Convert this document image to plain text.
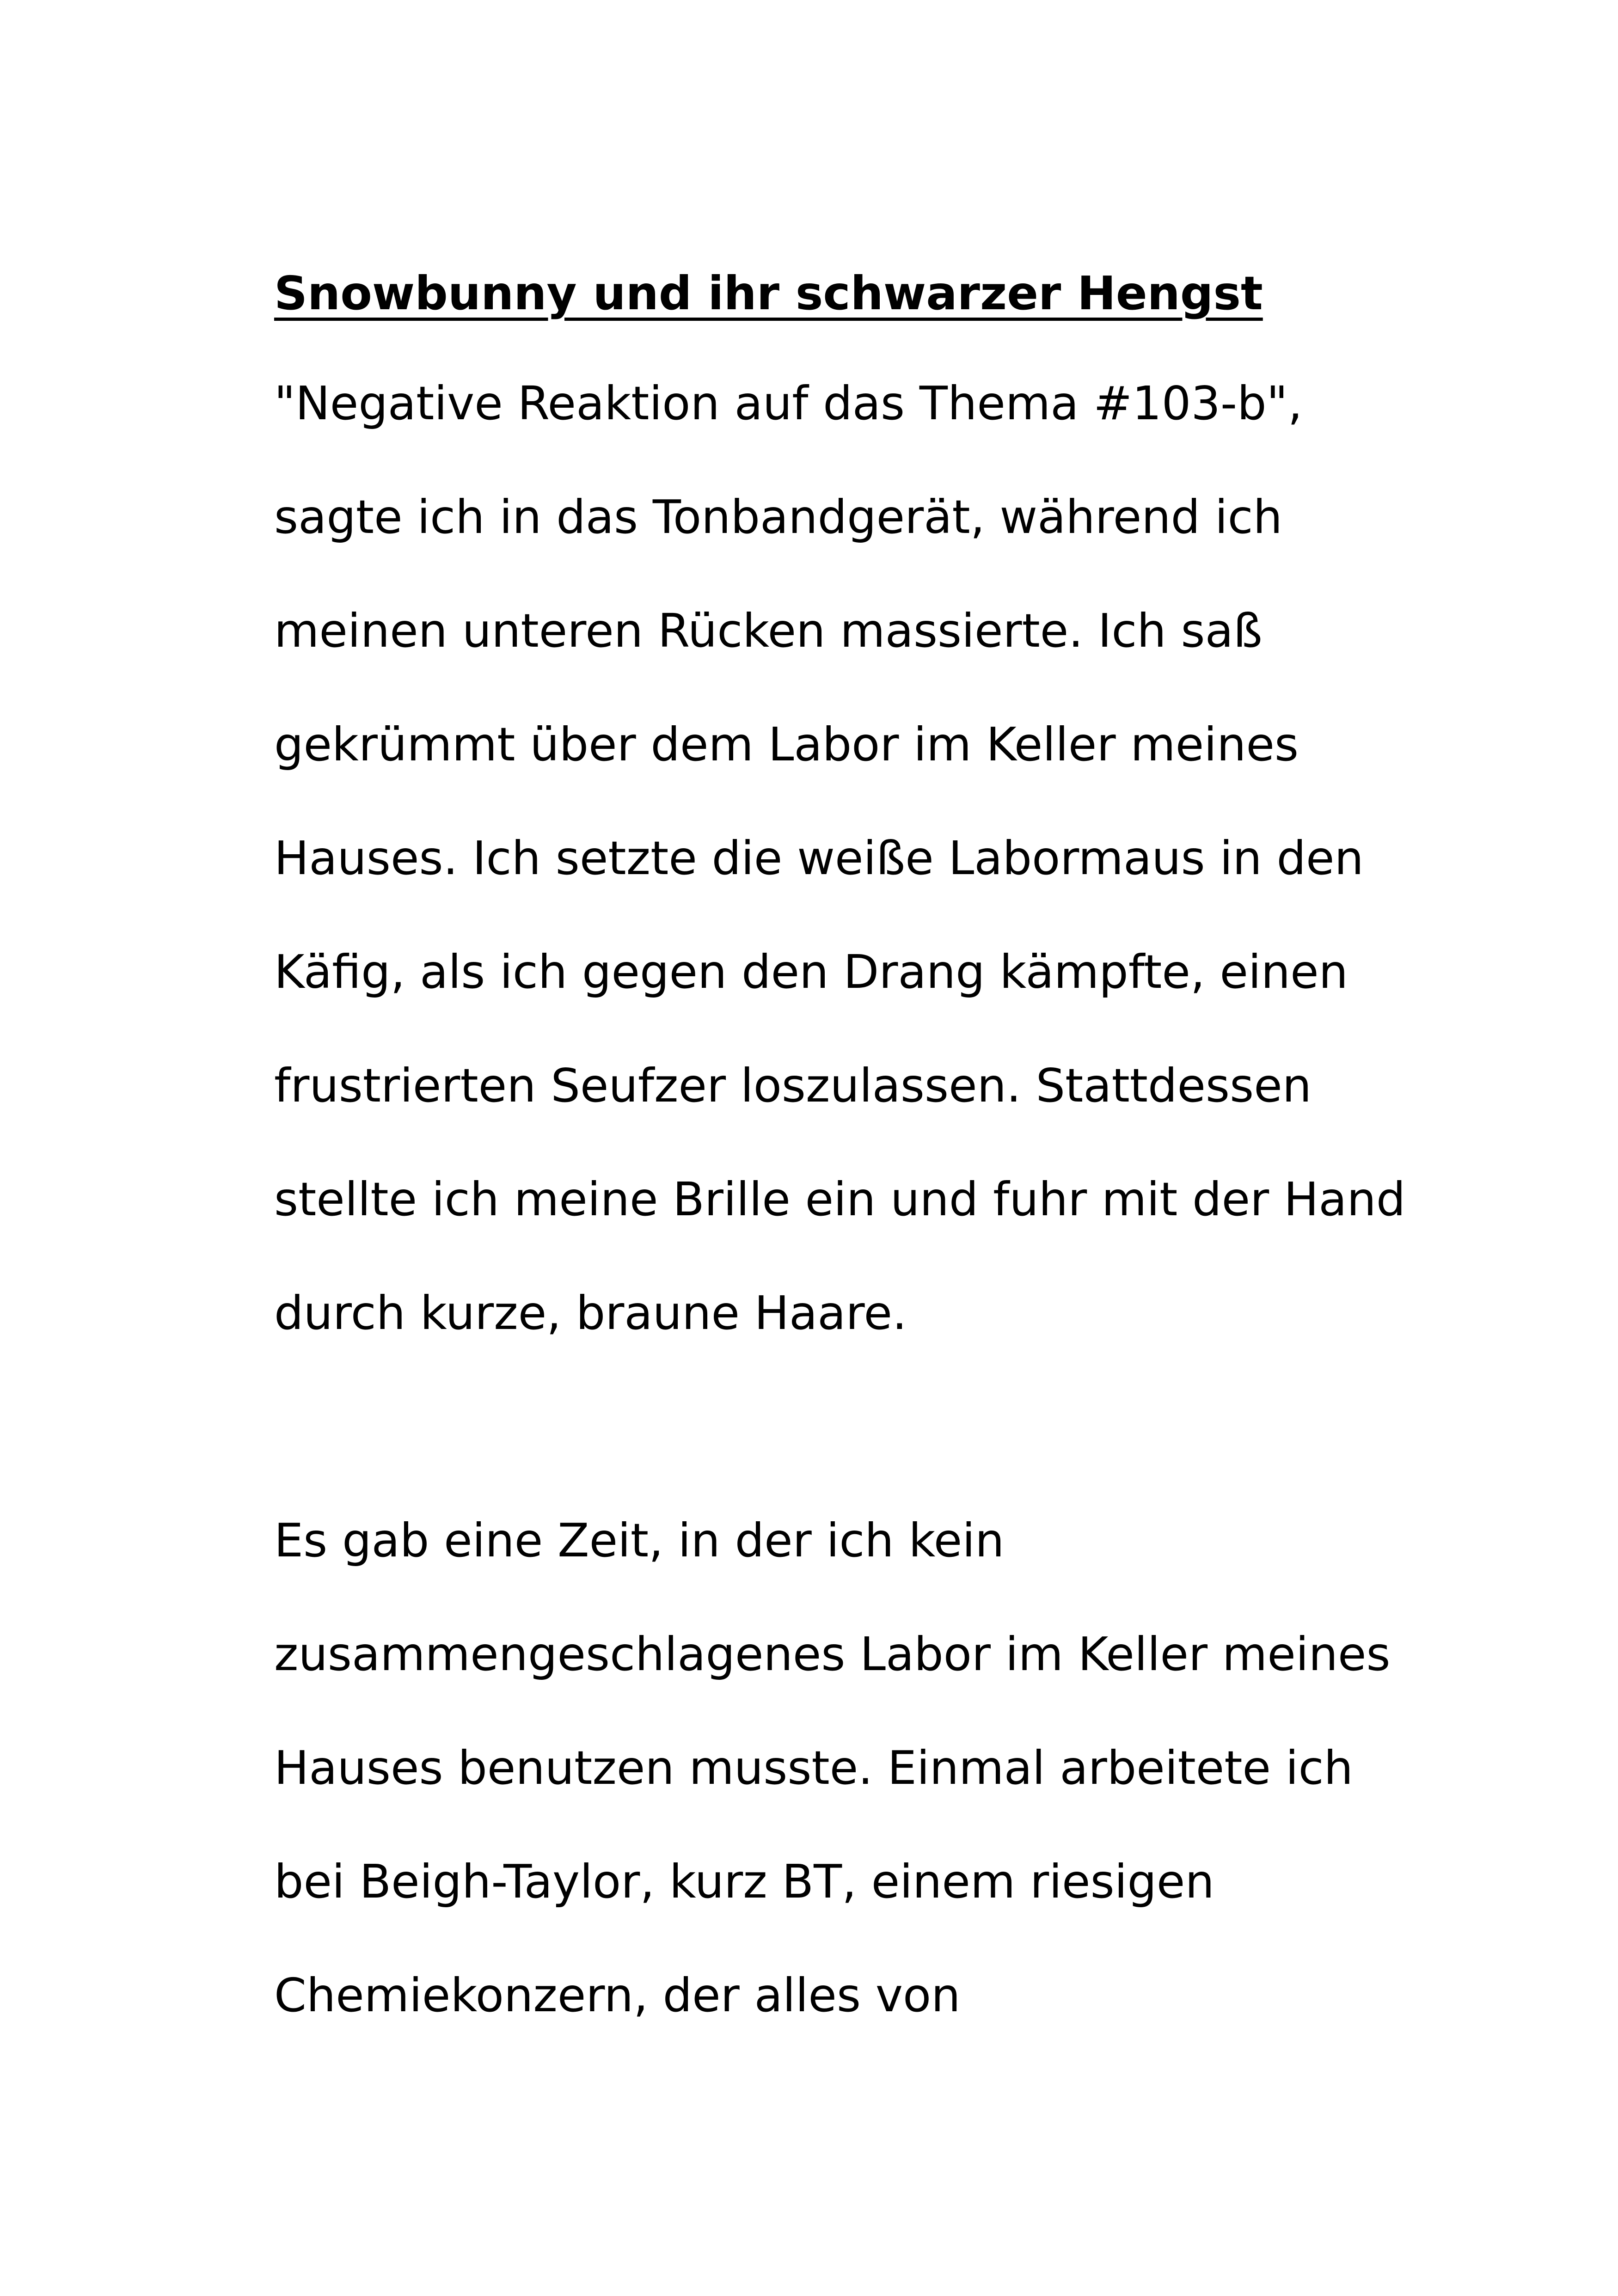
Snowbunny und ihr schwarzer Hengst
"Negative Reaktion auf das Thema #103-b",
sagte ich in das Tonbandgerät, während ich
meinen unteren Rücken massierte. Ich saß
gekrümmt über dem Labor im Keller meines
Hauses. Ich setzte die weiße Labormaus in den
Käfig, als ich gegen den Drang kämpfte, einen
frustrierten Seufzer loszulassen. Stattdessen
stellte ich meine Brille ein und fuhr mit der Hand
durch kurze, braune Haare.
Es gab eine Zeit, in der ich kein
zusammengeschlagenes Labor im Keller meines
Hauses benutzen musste. Einmal arbeitete ich
bei Beigh-Taylor, kurz BT, einem riesigen
Chemiekonzern, der alles von
